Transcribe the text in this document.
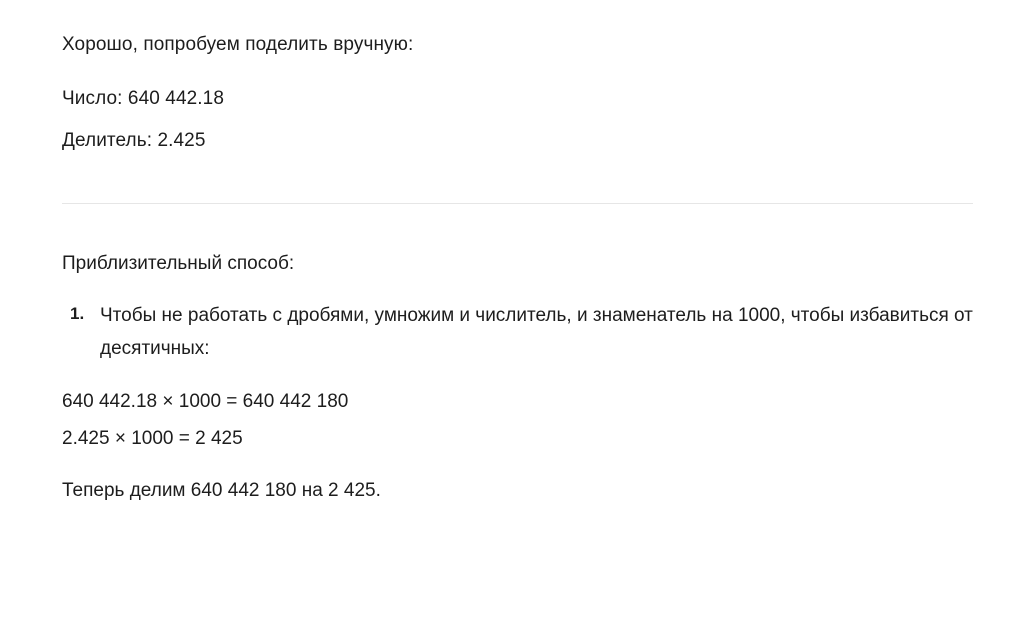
Хорошо, попробуем поделить вручную:

Число: 640 442.18

Делитель: 2.425

Приблизительный способ:

Чтобы не работать с дробями, умножим и числитель, и знаменатель на 1000, чтобы избавиться от десятичных:

640 442.18 × 1000 = 640 442 180

2.425 × 1000 = 2 425

Теперь делим 640 442 180 на 2 425.
